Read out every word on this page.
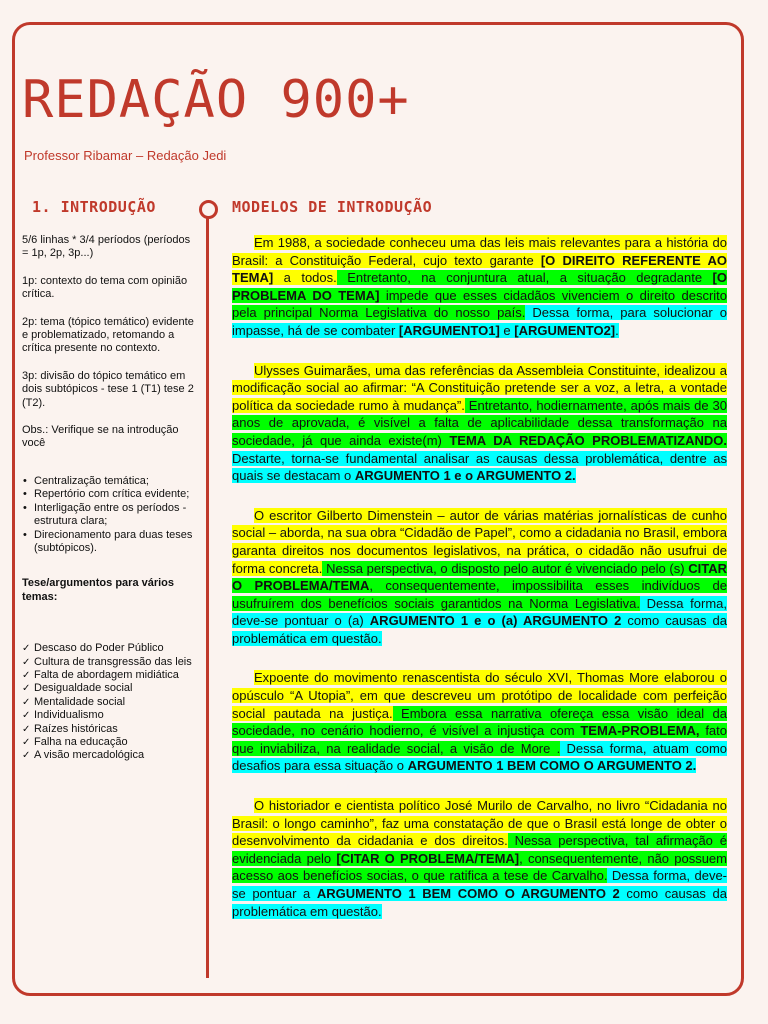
REDAÇÃO 900+
Professor Ribamar – Redação Jedi
1. INTRODUÇÃO	MODELOS DE INTRODUÇÃO

5/6 linhas * 3/4 períodos (períodos = 1p, 2p, 3p...)

1p: contexto do tema com opinião crítica.

2p: tema (tópico temático) evidente e problematizado, retomando a crítica presente no contexto.

3p: divisão do tópico temático em dois subtópicos - tese 1 (T1) tese 2 (T2).

Obs.: Verifique se na introdução você

• Centralização temática;
• Repertório com crítica evidente;
• Interligação entre os períodos - estrutura clara;
• Direcionamento para duas teses (subtópicos).

Tese/argumentos para vários temas:

✓ Descaso do Poder Público
✓ Cultura de transgressão das leis
✓ Falta de abordagem midiática
✓ Desigualdade social
✓ Mentalidade social
✓ Individualismo
✓ Raízes históricas
✓ Falha na educação
✓ A visão mercadológica

Em 1988, a sociedade conheceu uma das leis mais relevantes para a história do Brasil: a Constituição Federal, cujo texto garante [O DIREITO REFERENTE AO TEMA] a todos. Entretanto, na conjuntura atual, a situação degradante [O PROBLEMA DO TEMA] impede que esses cidadãos vivenciem o direito descrito pela principal Norma Legislativa do nosso país. Dessa forma, para solucionar o impasse, há de se combater [ARGUMENTO1] e [ARGUMENTO2].

Ulysses Guimarães, uma das referências da Assembleia Constituinte, idealizou a modificação social ao afirmar: “A Constituição pretende ser a voz, a letra, a vontade política da sociedade rumo à mudança”. Entretanto, hodiernamente, após mais de 30 anos de aprovada, é visível a falta de aplicabilidade dessa transformação na sociedade, já que ainda existe(m) TEMA DA REDAÇÃO PROBLEMATIZANDO. Destarte, torna-se fundamental analisar as causas dessa problemática, dentre as quais se destacam o ARGUMENTO 1 e o ARGUMENTO 2.

O escritor Gilberto Dimenstein – autor de várias matérias jornalísticas de cunho social – aborda, na sua obra “Cidadão de Papel”, como a cidadania no Brasil, embora garanta direitos nos documentos legislativos, na prática, o cidadão não usufrui de forma concreta. Nessa perspectiva, o disposto pelo autor é vivenciado pelo (s) CITAR O PROBLEMA/TEMA, consequentemente, impossibilita esses indivíduos de usufruírem dos benefícios sociais garantidos na Norma Legislativa. Dessa forma, deve-se pontuar o (a) ARGUMENTO 1 e o (a) ARGUMENTO 2 como causas da problemática em questão.

Expoente do movimento renascentista do século XVI, Thomas More elaborou o opúsculo “A Utopia”, em que descreveu um protótipo de localidade com perfeição social pautada na justiça. Embora essa narrativa ofereça essa visão ideal da sociedade, no cenário hodierno, é visível a injustiça com TEMA-PROBLEMA, fato que inviabiliza, na realidade social, a visão de More . Dessa forma, atuam como desafios para essa situação o ARGUMENTO 1 BEM COMO O ARGUMENTO 2.

O historiador e cientista político José Murilo de Carvalho, no livro “Cidadania no Brasil: o longo caminho”, faz uma constatação de que o Brasil está longe de obter o desenvolvimento da cidadania e dos direitos. Nessa perspectiva, tal afirmação é evidenciada pelo [CITAR O PROBLEMA/TEMA], consequentemente, não possuem acesso aos benefícios socias, o que ratifica a tese de Carvalho. Dessa forma, deve-se pontuar a ARGUMENTO 1 BEM COMO O ARGUMENTO 2 como causas da problemática em questão.
